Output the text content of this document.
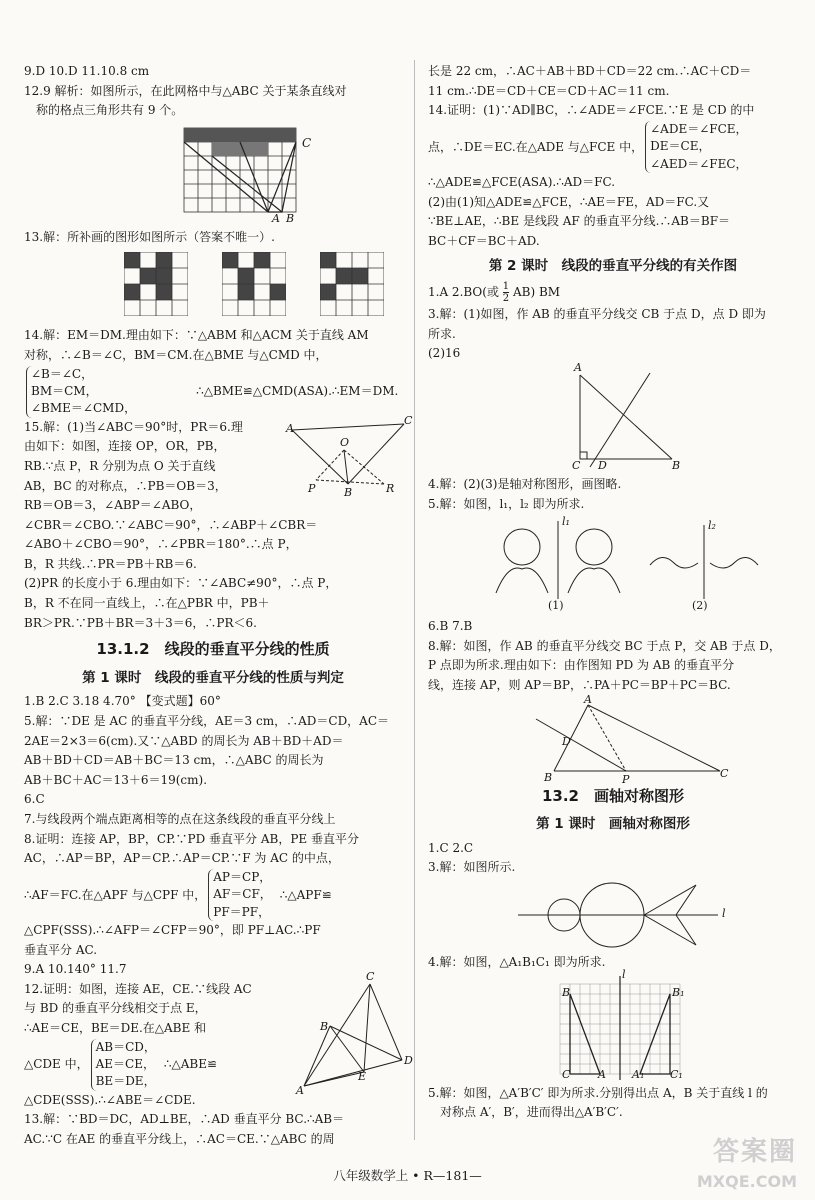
9.D 10.D 11.10.8 cm

12.9 解析：如图所示，在此网格中与△ABC 关于某条直线对

称的格点三角形共有 9 个。

C
A B

13.解：所补画的图形如图所示（答案不唯一）.

14.解：EM＝DM.理由如下：∵△ABM 和△ACM 关于直线 AM

对称，∴∠B＝∠C，BM＝CM.在△BME 与△CMD 中，

∠B＝∠C，
BM＝CM，
∠BME＝∠CMD，
∴△BME≌△CMD(ASA).∴EM＝DM.

15.解：(1)当∠ABC＝90°时，PR＝6.理

由如下：如图，连接 OP，OR，PB，

RB.∵点 P，R 分别为点 O 关于直线

AB，BC 的对称点，∴PB＝OB＝3，

RB＝OB＝3，∠ABP＝∠ABO，

A
C
O
P	B	R

∠CBR＝∠CBO.∵∠ABC＝90°，∴∠ABP＋∠CBR＝

∠ABO＋∠CBO＝90°，∴∠PBR＝180°.∴点 P，

B，R 共线.∴PR＝PB＋RB＝6.

(2)PR 的长度小于 6.理由如下：∵∠ABC≠90°，∴点 P，

B，R 不在同一直线上，∴在△PBR 中，PB＋

BR＞PR.∵PB＋BR＝3＋3＝6，∴PR＜6.

13.1.2　线段的垂直平分线的性质
第 1 课时　线段的垂直平分线的性质与判定

1.B 2.C 3.18 4.70° 【变式题】60°

5.解：∵DE 是 AC 的垂直平分线，AE＝3 cm，∴AD＝CD，AC＝

2AE＝2×3＝6(cm).又∵△ABD 的周长为 AB＋BD＋AD＝

AB＋BD＋CD＝AB＋BC＝13 cm，∴△ABC 的周长为

AB＋BC＋AC＝13＋6＝19(cm).

6.C

7.与线段两个端点距离相等的点在这条线段的垂直平分线上

8.证明：连接 AP，BP，CP.∵PD 垂直平分 AB，PE 垂直平分

AC，∴AP＝BP，AP＝CP.∴AP＝CP.∵F 为 AC 的中点，

∴AF＝FC.在△APF 与△CPF 中，
AP＝CP，
AF＝CF，
PF＝PF，
∴△APF≌

△CPF(SSS).∴∠AFP＝∠CFP＝90°，即 PF⊥AC.∴PF

垂直平分 AC.

9.A 10.140° 11.7

12.证明：如图，连接 AE，CE.∵线段 AC

与 BD 的垂直平分线相交于点 E，

∴AE＝CE，BE＝DE.在△ABE 和

△CDE 中，
AB＝CD，
AE＝CE，
BE＝DE，
∴△ABE≌

△CDE(SSS).∴∠ABE＝∠CDE.

C
D
E
A
B

13.解：∵BD＝DC，AD⊥BE，∴AD 垂直平分 BC.∴AB＝

AC.∵C 在AE 的垂直平分线上，∴AC＝CE.∵△ABC 的周

长是 22 cm，∴AC＋AB＋BD＋CD＝22 cm.∴AC＋CD＝

11 cm.∴DE＝CD＋CE＝CD＋AC＝11 cm.

14.证明：(1)∵AD∥BC，∴∠ADE＝∠FCE.∵E 是 CD 的中

点，∴DE＝EC.在△ADE 与△FCE 中，
∠ADE＝∠FCE，
DE＝CE，
∠AED＝∠FEC，

∴△ADE≌△FCE(ASA).∴AD＝FC.

(2)由(1)知△ADE≌△FCE，∴AE＝FE，AD＝FC.又

∵BE⊥AE，∴BE 是线段 AF 的垂直平分线.∴AB＝BF＝

BC＋CF＝BC＋AD.

第 2 课时　线段的垂直平分线的有关作图

1.A 2.BO(或 $\frac{1}{2} AB$) BM

3.解：(1)如图，作 AB 的垂直平分线交 CB 于点 D，点 D 即为

所求.

(2)16

A
C D	B

4.解：(2)(3)是轴对称图形，画图略.

5.解：如图，l₁，l₂ 即为所求.

l₁	l₂
(1)	(2)

6.B 7.B

8.解：如图，作 AB 的垂直平分线交 BC 于点 P，交 AB 于点 D，

P 点即为所求.理由如下：由作图知 PD 为 AB 的垂直平分

线，连接 AP，则 AP＝BP，∴PA＋PC＝BP＋PC＝BC.

A
D
B	P	C
13.2　画轴对称图形
第 1 课时　画轴对称图形

1.C 2.C

3.解：如图所示.

l

4.解：如图，△A₁B₁C₁ 即为所求.

l
B	B₁
C	A A₁ C₁

5.解：如图，△A′B′C′ 即为所求.分别得出点 A，B 关于直线 l 的

对称点 A′，B′，进而得出△A′B′C′.

答案圈
MXQE.COM
八年级数学上 • R—181—
